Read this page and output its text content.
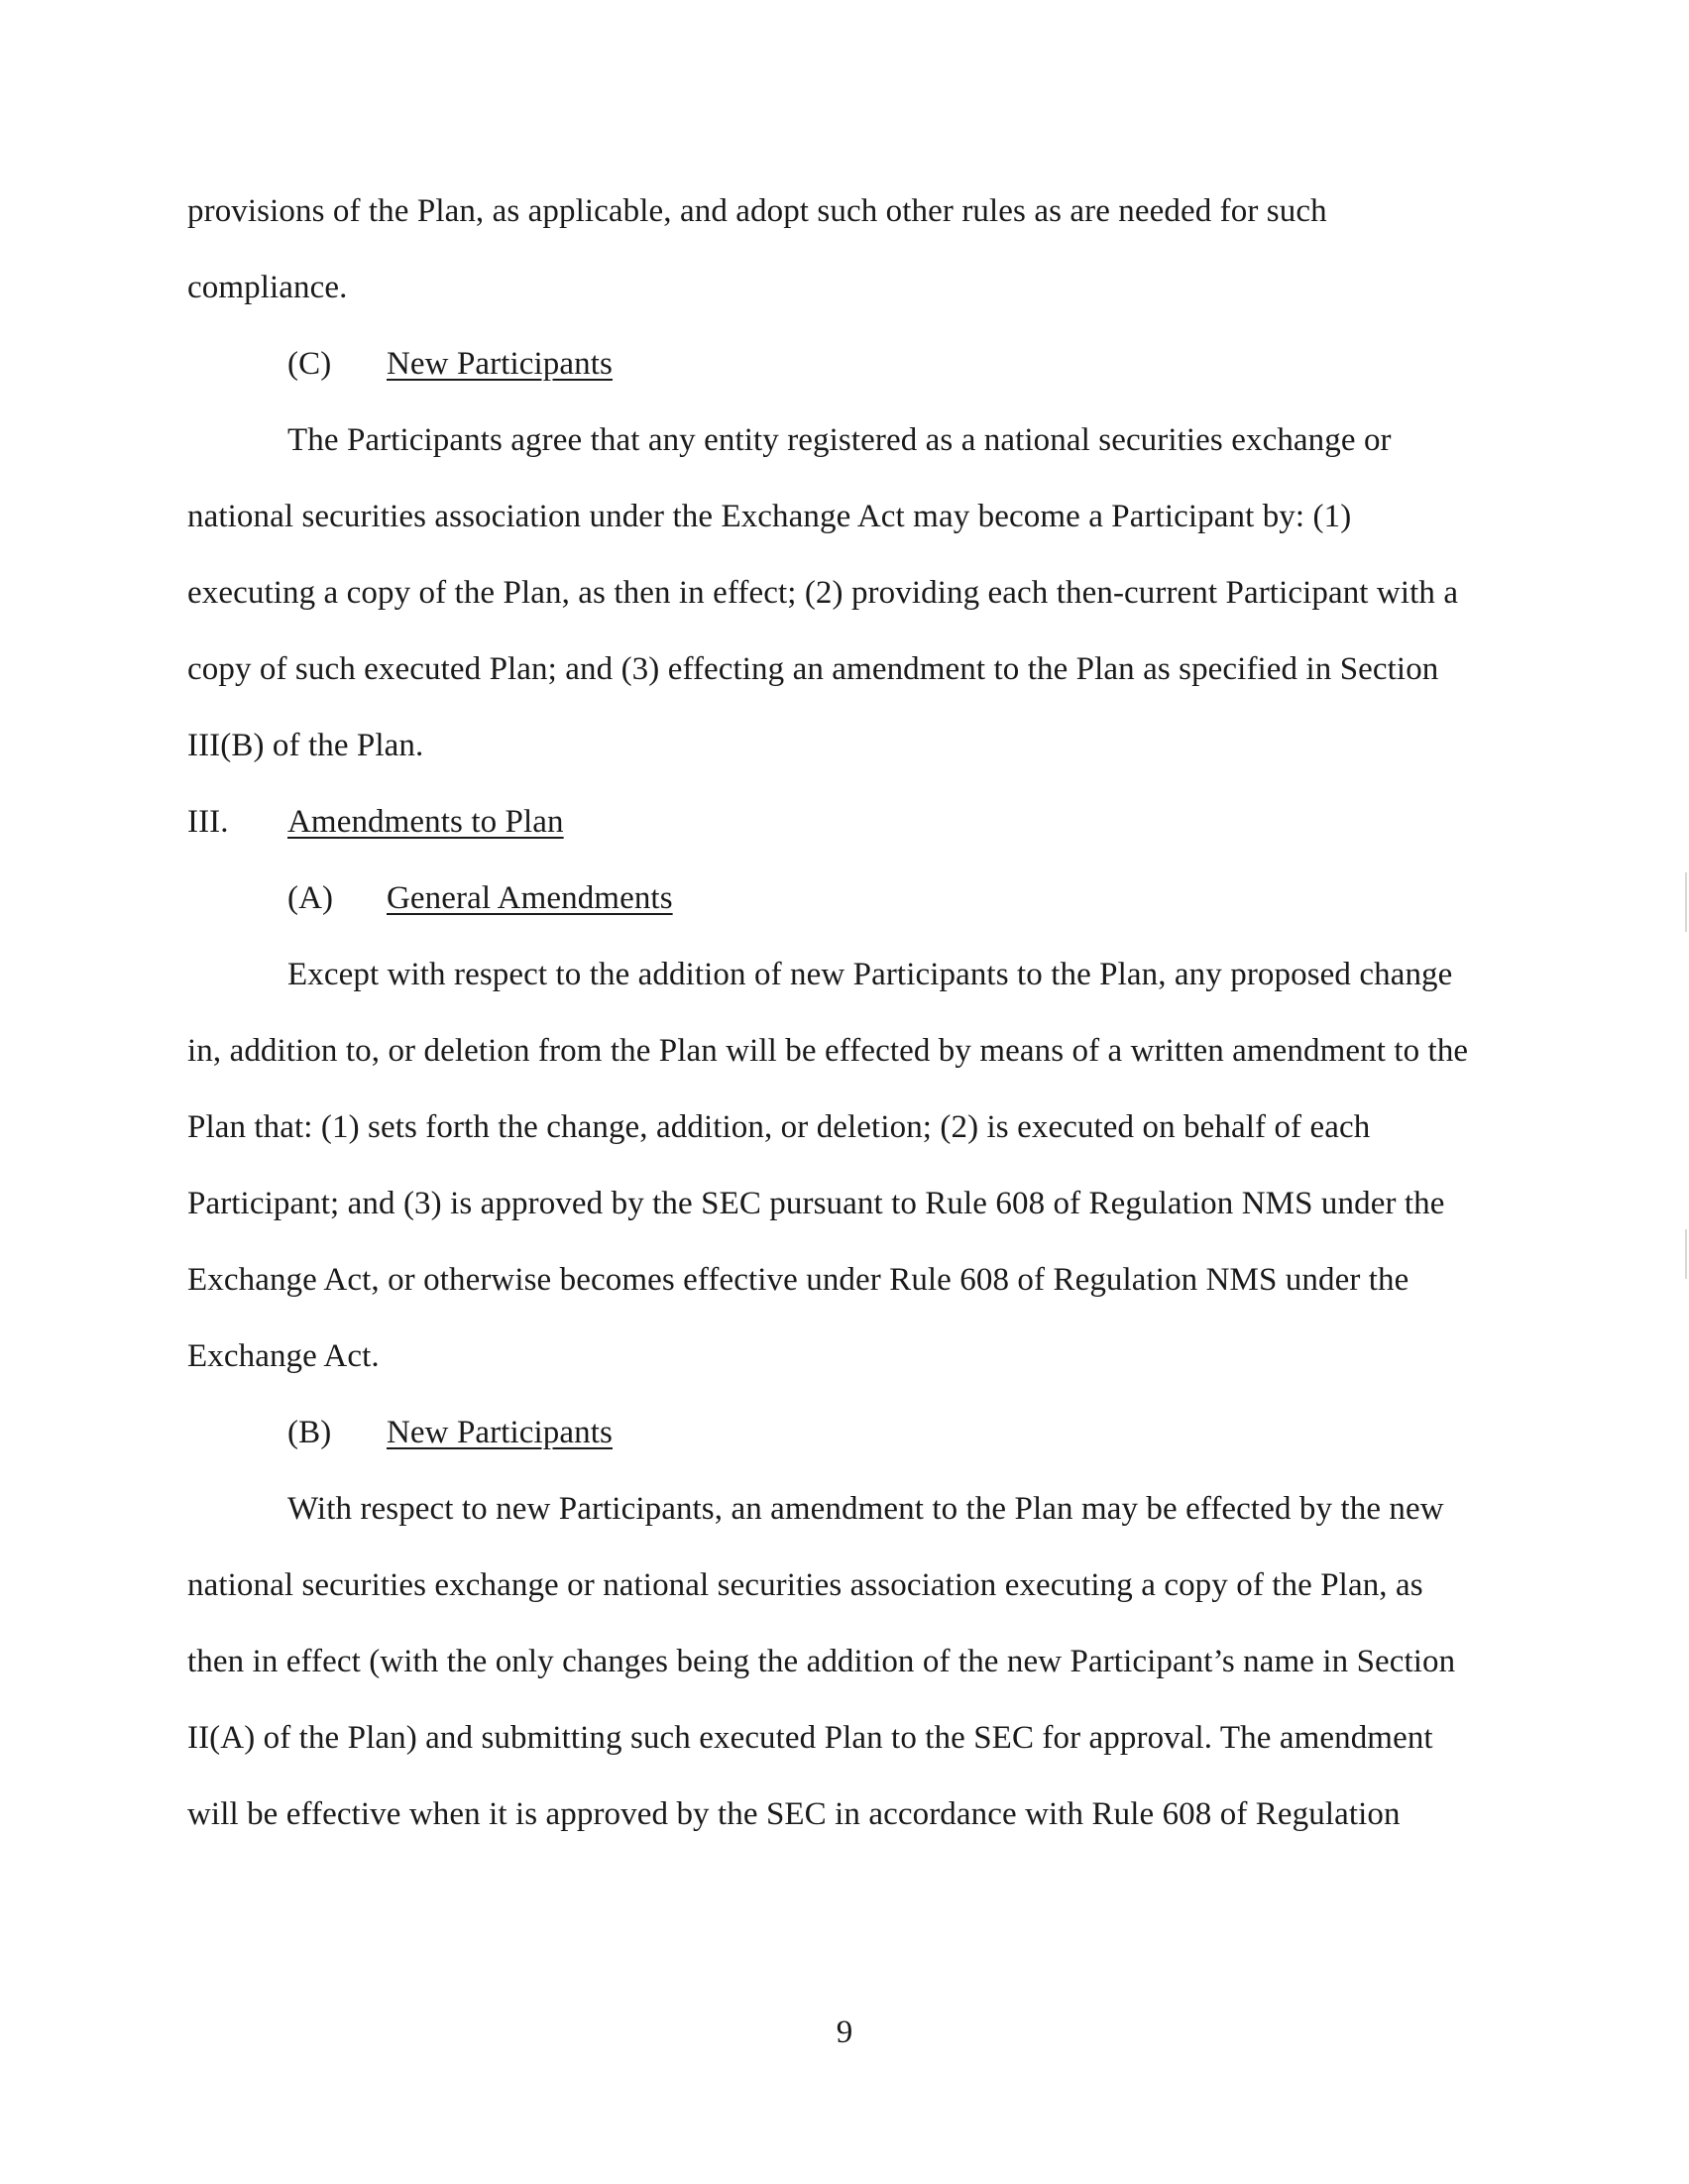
provisions of the Plan, as applicable, and adopt such other rules as are needed for such
compliance.
(C) New Participants
The Participants agree that any entity registered as a national securities exchange or
national securities association under the Exchange Act may become a Participant by: (1)
executing a copy of the Plan, as then in effect; (2) providing each then-current Participant with a
copy of such executed Plan; and (3) effecting an amendment to the Plan as specified in Section
III(B) of the Plan.
III. Amendments to Plan
(A) General Amendments
Except with respect to the addition of new Participants to the Plan, any proposed change
in, addition to, or deletion from the Plan will be effected by means of a written amendment to the
Plan that: (1) sets forth the change, addition, or deletion; (2) is executed on behalf of each
Participant; and (3) is approved by the SEC pursuant to Rule 608 of Regulation NMS under the
Exchange Act, or otherwise becomes effective under Rule 608 of Regulation NMS under the
Exchange Act.
(B) New Participants
With respect to new Participants, an amendment to the Plan may be effected by the new
national securities exchange or national securities association executing a copy of the Plan, as
then in effect (with the only changes being the addition of the new Participant’s name in Section
II(A) of the Plan) and submitting such executed Plan to the SEC for approval. The amendment
will be effective when it is approved by the SEC in accordance with Rule 608 of Regulation
9
